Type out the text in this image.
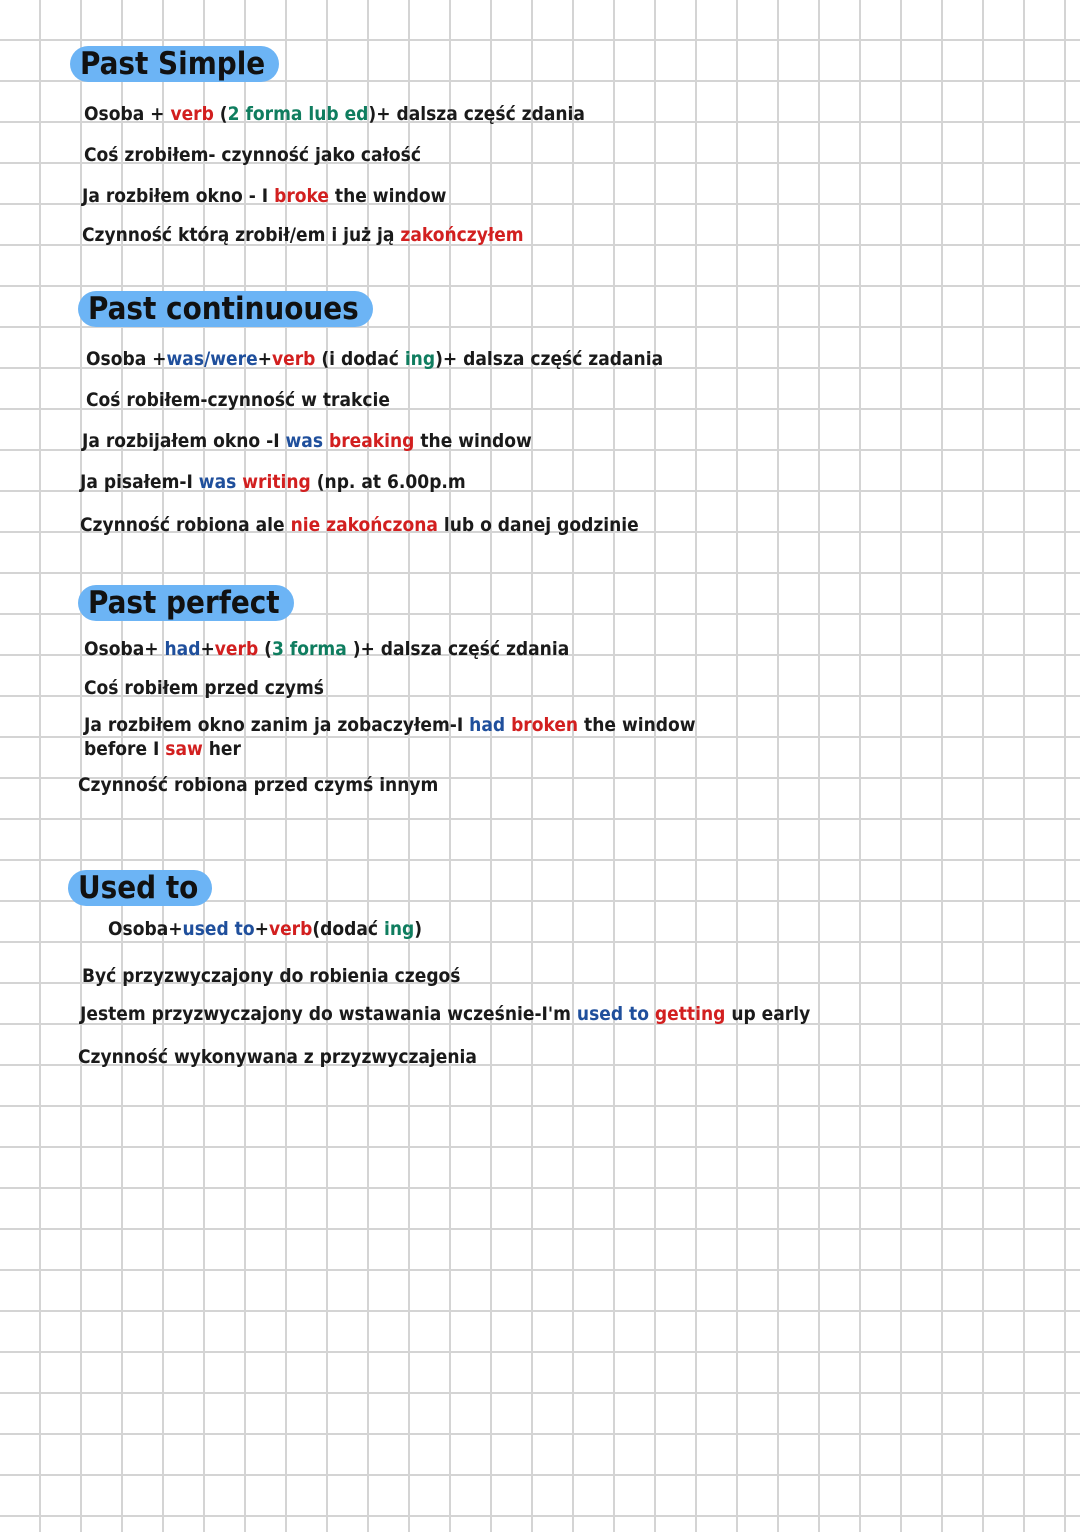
Past Simple
Osoba + verb (2 forma lub ed)+ dalsza część zdania
Coś zrobiłem- czynność jako całość
Ja rozbiłem okno - I broke the window
Czynność którą zrobił/em i już ją zakończyłem
Past continuoues
Osoba +was/were+verb (i dodać ing)+ dalsza część zadania
Coś robiłem-czynność w trakcie
Ja rozbijałem okno -I was breaking the window
Ja pisałem-I was writing (np. at 6.00p.m
Czynność robiona ale nie zakończona lub o danej godzinie
Past perfect
Osoba+ had+verb (3 forma )+ dalsza część zdania
Coś robiłem przed czymś
Ja rozbiłem okno zanim ja zobaczyłem-I had broken the window before I saw her
Czynność robiona przed czymś innym
Used to
Osoba+used to+verb(dodać ing)
Być przyzwyczajony do robienia czegoś
Jestem przyzwyczajony do wstawania wcześnie-I'm used to getting up early
Czynność wykonywana z przyzwyczajenia
